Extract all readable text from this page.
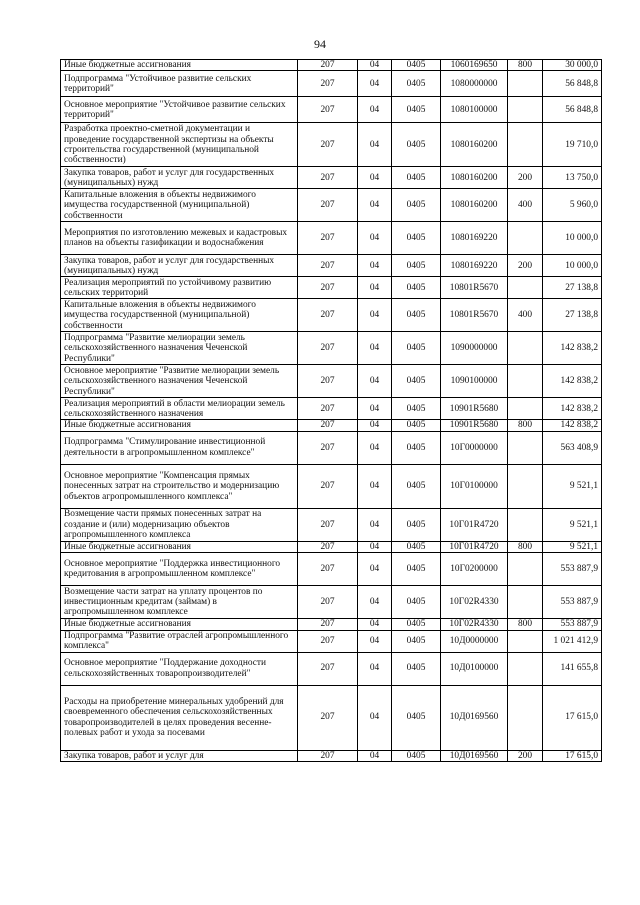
94
Иные бюджетные ассигнования	207	04	0405	1060169650	800	30 000,0
Подпрограмма "Устойчивое развитие сельских территорий"	207	04	0405	1080000000		56 848,8
Основное мероприятие "Устойчивое развитие сельских территорий"	207	04	0405	1080100000		56 848,8
Разработка проектно-сметной документации и проведение государственной экспертизы на объекты строительства государственной (муниципальной собственности)	207	04	0405	1080160200		19 710,0
Закупка товаров, работ и услуг для государственных (муниципальных) нужд	207	04	0405	1080160200	200	13 750,0
Капитальные вложения в объекты недвижимого имущества государственной (муниципальной) собственности	207	04	0405	1080160200	400	5 960,0
Мероприятия по изготовлению межевых и кадастровых планов на объекты газификации и водоснабжения	207	04	0405	1080169220		10 000,0
Закупка товаров, работ и услуг для государственных (муниципальных) нужд	207	04	0405	1080169220	200	10 000,0
Реализация мероприятий по устойчивому развитию сельских территорий	207	04	0405	10801R5670		27 138,8
Капитальные вложения в объекты недвижимого имущества государственной (муниципальной) собственности	207	04	0405	10801R5670	400	27 138,8
Подпрограмма "Развитие мелиорации земель сельскохозяйственного назначения Чеченской Республики"	207	04	0405	1090000000		142 838,2
Основное мероприятие "Развитие мелиорации земель сельскохозяйственного назначения Чеченской Республики"	207	04	0405	1090100000		142 838,2
Реализация мероприятий в области мелиорации земель сельскохозяйственного назначения	207	04	0405	10901R5680		142 838,2
Иные бюджетные ассигнования	207	04	0405	10901R5680	800	142 838,2
Подпрограмма "Стимулирование инвестиционной деятельности в агропромышленном комплексе"	207	04	0405	10Г0000000		563 408,9
Основное мероприятие "Компенсация прямых понесенных затрат на строительство и модернизацию объектов агропромышленного комплекса"	207	04	0405	10Г0100000		9 521,1
Возмещение части прямых понесенных затрат на создание и (или) модернизацию объектов агропромышленного комплекса	207	04	0405	10Г01R4720		9 521,1
Иные бюджетные ассигнования	207	04	0405	10Г01R4720	800	9 521,1
Основное мероприятие "Поддержка инвестиционного кредитования в агропромышленном комплексе"	207	04	0405	10Г0200000		553 887,9
Возмещение части затрат на уплату процентов по инвестиционным кредитам (займам) в агропромышленном комплексе	207	04	0405	10Г02R4330		553 887,9
Иные бюджетные ассигнования	207	04	0405	10Г02R4330	800	553 887,9
Подпрограмма "Развитие отраслей агропромышленного комплекса"	207	04	0405	10Д0000000		1 021 412,9
Основное мероприятие "Поддержание доходности сельскохозяйственных товаропроизводителей"	207	04	0405	10Д0100000		141 655,8
Расходы на приобретение минеральных удобрений для своевременного обеспечения сельскохозяйственных товаропроизводителей в целях проведения весенне-полевых работ и ухода за посевами	207	04	0405	10Д0169560		17 615,0
Закупка товаров, работ и услуг для	207	04	0405	10Д0169560	200	17 615,0
